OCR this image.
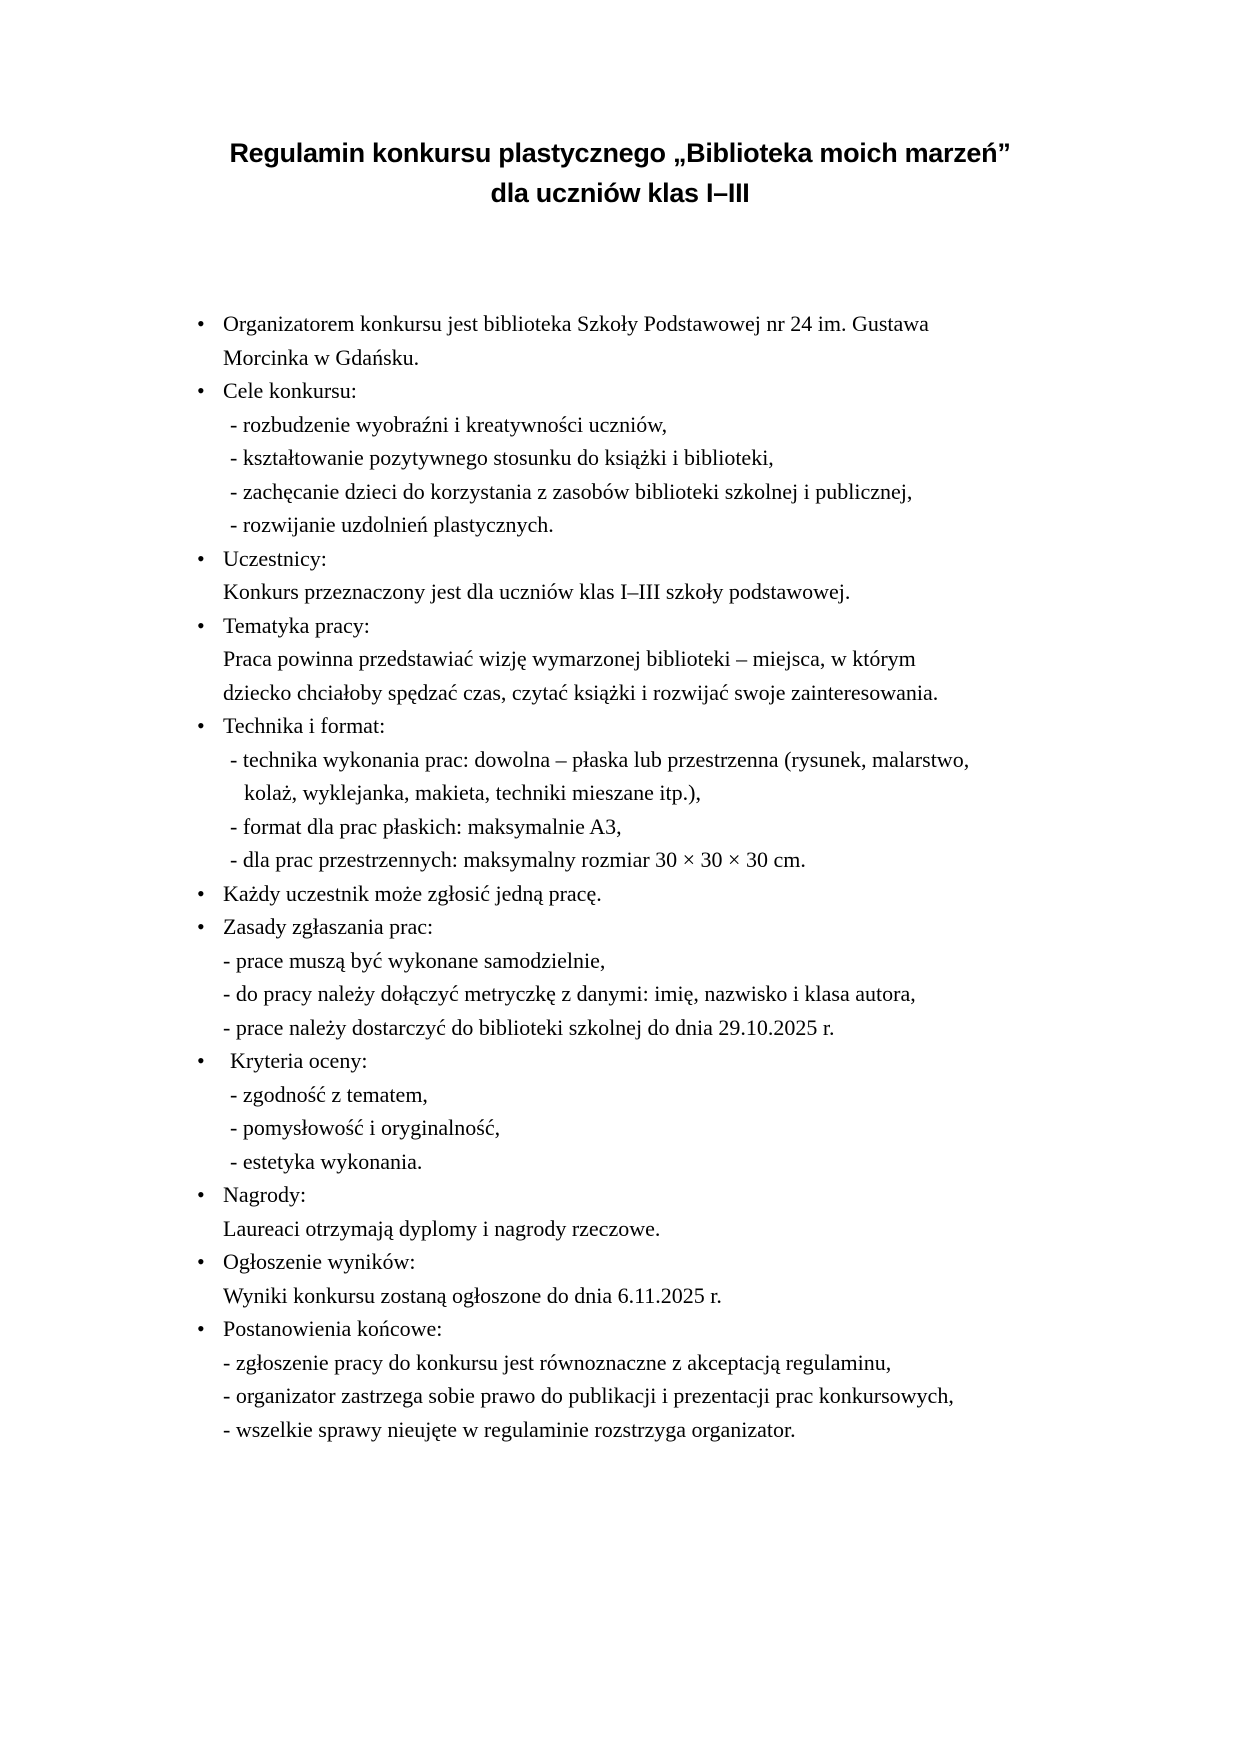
Regulamin konkursu plastycznego „Biblioteka moich marzeń”
dla uczniów klas I–III
• Organizatorem konkursu jest biblioteka Szkoły Podstawowej nr 24 im. Gustawa
Morcinka w Gdańsku.
• Cele konkursu:
- rozbudzenie wyobraźni i kreatywności uczniów,
- kształtowanie pozytywnego stosunku do książki i biblioteki,
- zachęcanie dzieci do korzystania z zasobów biblioteki szkolnej i publicznej,
- rozwijanie uzdolnień plastycznych.
• Uczestnicy:
Konkurs przeznaczony jest dla uczniów klas I–III szkoły podstawowej.
• Tematyka pracy:
Praca powinna przedstawiać wizję wymarzonej biblioteki – miejsca, w którym
dziecko chciałoby spędzać czas, czytać książki i rozwijać swoje zainteresowania.
• Technika i format:
- technika wykonania prac: dowolna – płaska lub przestrzenna (rysunek, malarstwo,
kolaż, wyklejanka, makieta, techniki mieszane itp.),
- format dla prac płaskich: maksymalnie A3,
- dla prac przestrzennych: maksymalny rozmiar 30 × 30 × 30 cm.
• Każdy uczestnik może zgłosić jedną pracę.
• Zasady zgłaszania prac:
- prace muszą być wykonane samodzielnie,
- do pracy należy dołączyć metryczkę z danymi: imię, nazwisko i klasa autora,
- prace należy dostarczyć do biblioteki szkolnej do dnia 29.10.2025 r.
•	Kryteria oceny:
- zgodność z tematem,
- pomysłowość i oryginalność,
- estetyka wykonania.
• Nagrody:
Laureaci otrzymają dyplomy i nagrody rzeczowe.
• Ogłoszenie wyników:
Wyniki konkursu zostaną ogłoszone do dnia 6.11.2025 r.
• Postanowienia końcowe:
- zgłoszenie pracy do konkursu jest równoznaczne z akceptacją regulaminu,
- organizator zastrzega sobie prawo do publikacji i prezentacji prac konkursowych,
- wszelkie sprawy nieujęte w regulaminie rozstrzyga organizator.
